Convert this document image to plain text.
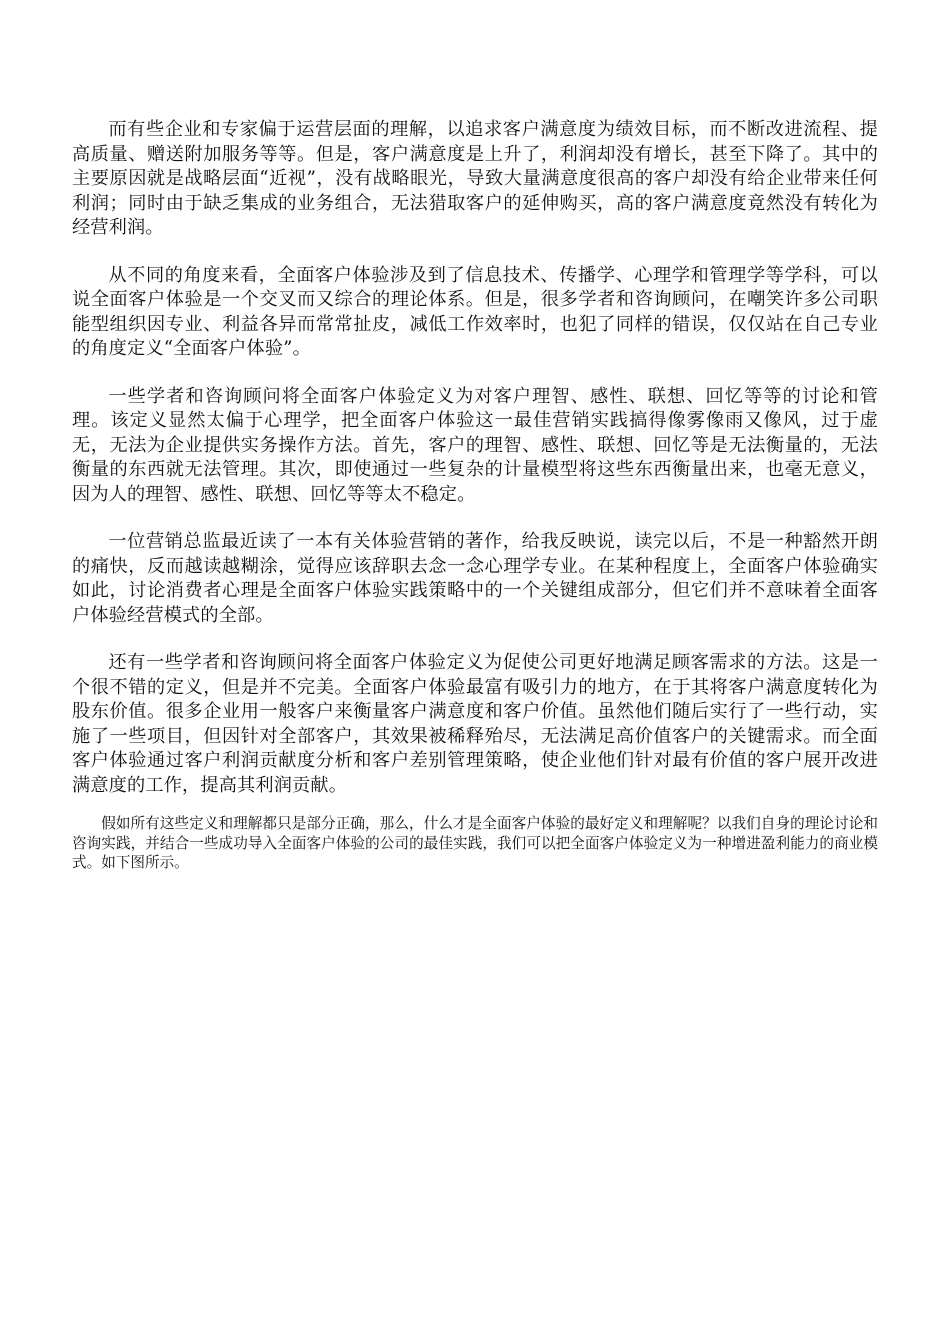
而有些企业和专家偏于运营层面的理解，以追求客户满意度为绩效目标，而不断改进流程、提高质量、赠送附加服务等等。但是，客户满意度是上升了，利润却没有增长，甚至下降了。其中的主要原因就是战略层面“近视”，没有战略眼光，导致大量满意度很高的客户却没有给企业带来任何利润；同时由于缺乏集成的业务组合，无法猎取客户的延伸购买，高的客户满意度竟然没有转化为经营利润。

从不同的角度来看，全面客户体验涉及到了信息技术、传播学、心理学和管理学等学科，可以说全面客户体验是一个交叉而又综合的理论体系。但是，很多学者和咨询顾问，在嘲笑许多公司职能型组织因专业、利益各异而常常扯皮，减低工作效率时，也犯了同样的错误，仅仅站在自己专业的角度定义“全面客户体验”。

一些学者和咨询顾问将全面客户体验定义为对客户理智、感性、联想、回忆等等的讨论和管理。该定义显然太偏于心理学，把全面客户体验这一最佳营销实践搞得像雾像雨又像风，过于虚无，无法为企业提供实务操作方法。首先，客户的理智、感性、联想、回忆等是无法衡量的，无法衡量的东西就无法管理。其次，即使通过一些复杂的计量模型将这些东西衡量出来，也毫无意义，因为人的理智、感性、联想、回忆等等太不稳定。

一位营销总监最近读了一本有关体验营销的著作，给我反映说，读完以后，不是一种豁然开朗的痛快，反而越读越糊涂，觉得应该辞职去念一念心理学专业。在某种程度上，全面客户体验确实如此，讨论消费者心理是全面客户体验实践策略中的一个关键组成部分，但它们并不意味着全面客户体验经营模式的全部。

还有一些学者和咨询顾问将全面客户体验定义为促使公司更好地满足顾客需求的方法。这是一个很不错的定义，但是并不完美。全面客户体验最富有吸引力的地方，在于其将客户满意度转化为股东价值。很多企业用一般客户来衡量客户满意度和客户价值。虽然他们随后实行了一些行动，实施了一些项目，但因针对全部客户，其效果被稀释殆尽，无法满足高价值客户的关键需求。而全面客户体验通过客户利润贡献度分析和客户差别管理策略，使企业他们针对最有价值的客户展开改进满意度的工作，提高其利润贡献。

假如所有这些定义和理解都只是部分正确，那么，什么才是全面客户体验的最好定义和理解呢？以我们自身的理论讨论和咨询实践，并结合一些成功导入全面客户体验的公司的最佳实践，我们可以把全面客户体验定义为一种增进盈利能力的商业模式。如下图所示。
